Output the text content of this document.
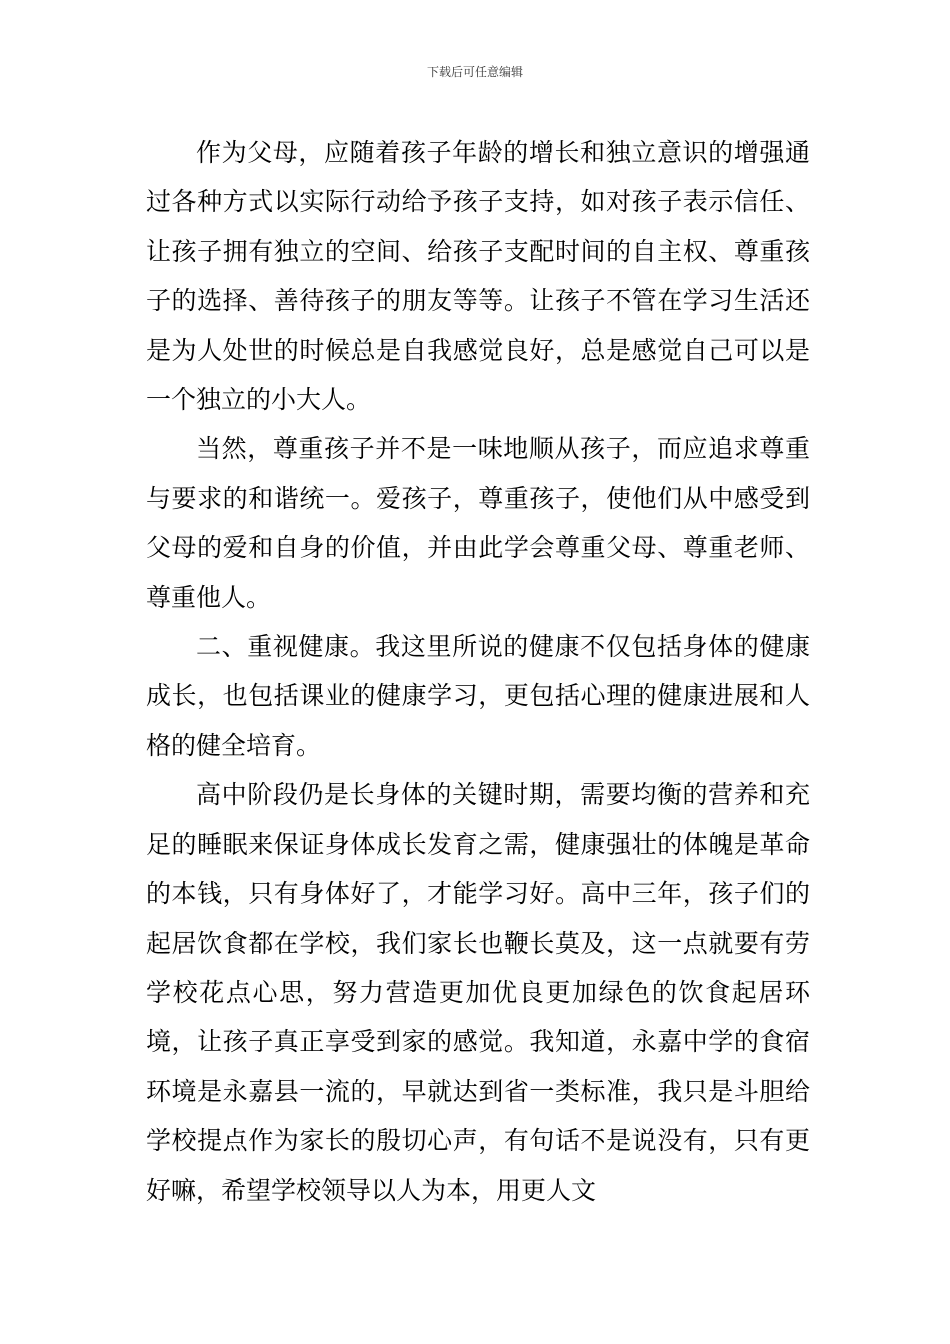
下载后可任意编辑

作为父母，应随着孩子年龄的增长和独立意识的增强通过各种方式以实际行动给予孩子支持，如对孩子表示信任、让孩子拥有独立的空间、给孩子支配时间的自主权、尊重孩子的选择、善待孩子的朋友等等。让孩子不管在学习生活还是为人处世的时候总是自我感觉良好，总是感觉自己可以是一个独立的小大人。

当然，尊重孩子并不是一味地顺从孩子，而应追求尊重与要求的和谐统一。爱孩子，尊重孩子，使他们从中感受到父母的爱和自身的价值，并由此学会尊重父母、尊重老师、尊重他人。

二、重视健康。我这里所说的健康不仅包括身体的健康成长，也包括课业的健康学习，更包括心理的健康进展和人格的健全培育。

高中阶段仍是长身体的关键时期，需要均衡的营养和充足的睡眠来保证身体成长发育之需，健康强壮的体魄是革命的本钱，只有身体好了，才能学习好。高中三年，孩子们的起居饮食都在学校，我们家长也鞭长莫及，这一点就要有劳学校花点心思，努力营造更加优良更加绿色的饮食起居环境，让孩子真正享受到家的感觉。我知道，永嘉中学的食宿环境是永嘉县一流的，早就达到省一类标准，我只是斗胆给学校提点作为家长的殷切心声，有句话不是说没有，只有更好嘛，希望学校领导以人为本，用更人文
